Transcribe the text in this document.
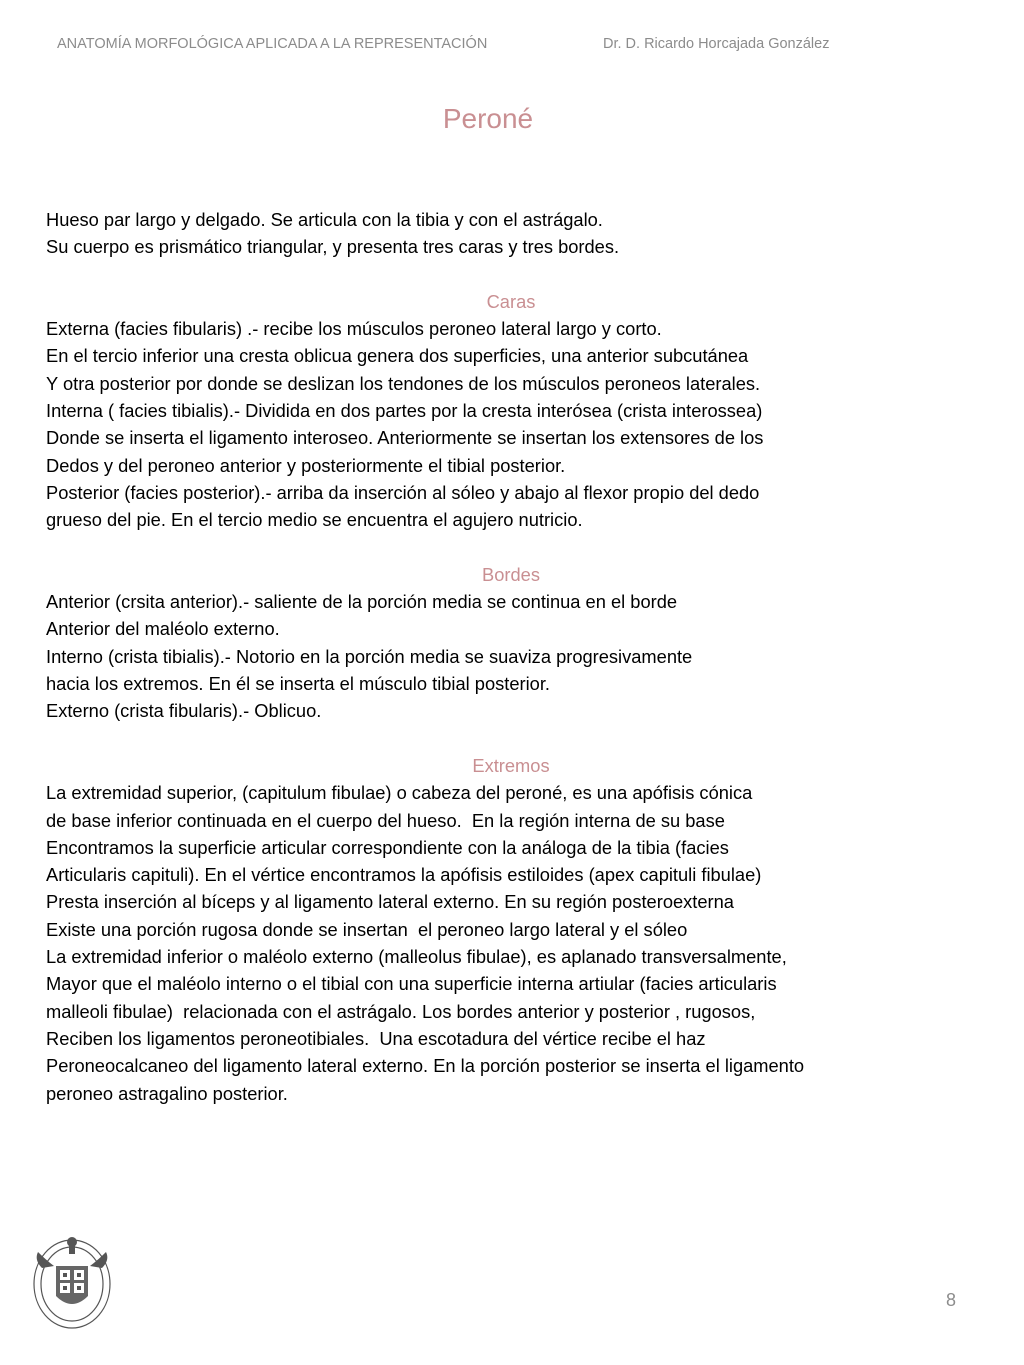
ANATOMÍA MORFOLÓGICA APLICADA A LA REPRESENTACIÓN	Dr. D. Ricardo Horcajada González
Peroné
Hueso par largo y delgado. Se articula con la tibia y con el astrágalo.
Su cuerpo es prismático triangular, y presenta tres caras y tres bordes.
Caras
Externa (facies fibularis) .- recibe los músculos peroneo lateral largo y corto.
En el tercio inferior una cresta oblicua genera dos superficies, una anterior subcutánea
Y otra posterior por donde se deslizan los tendones de los músculos peroneos laterales.
Interna ( facies tibialis).- Dividida en dos partes por la cresta interósea (crista interossea)
Donde se inserta el ligamento interoseo. Anteriormente se insertan los extensores de los
Dedos y del peroneo anterior y posteriormente el tibial posterior.
Posterior (facies posterior).- arriba da inserción al sóleo y abajo al flexor propio del dedo
grueso del pie. En el tercio medio se encuentra el agujero nutricio.
Bordes
Anterior (crsita anterior).- saliente de la porción media se continua en el borde
Anterior del maléolo externo.
Interno (crista tibialis).- Notorio en la porción media se suaviza progresivamente
hacia los extremos. En él se inserta el músculo tibial posterior.
Externo (crista fibularis).- Oblicuo.
Extremos
La extremidad superior, (capitulum fibulae) o cabeza del peroné, es una apófisis cónica
de base inferior continuada en el cuerpo del hueso.  En la región interna de su base
Encontramos la superficie articular correspondiente con la análoga de la tibia (facies
Articularis capituli). En el vértice encontramos la apófisis estiloides (apex capituli fibulae)
Presta inserción al bíceps y al ligamento lateral externo. En su región posteroexterna
Existe una porción rugosa donde se insertan  el peroneo largo lateral y el sóleo
La extremidad inferior o maléolo externo (malleolus fibulae), es aplanado transversalmente,
Mayor que el maléolo interno o el tibial con una superficie interna artiular (facies articularis
malleoli fibulae)  relacionada con el astrágalo. Los bordes anterior y posterior , rugosos,
Reciben los ligamentos peroneotibiales.  Una escotadura del vértice recibe el haz
Peroneocalcaneo del ligamento lateral externo. En la porción posterior se inserta el ligamento
peroneo astragalino posterior.
8
